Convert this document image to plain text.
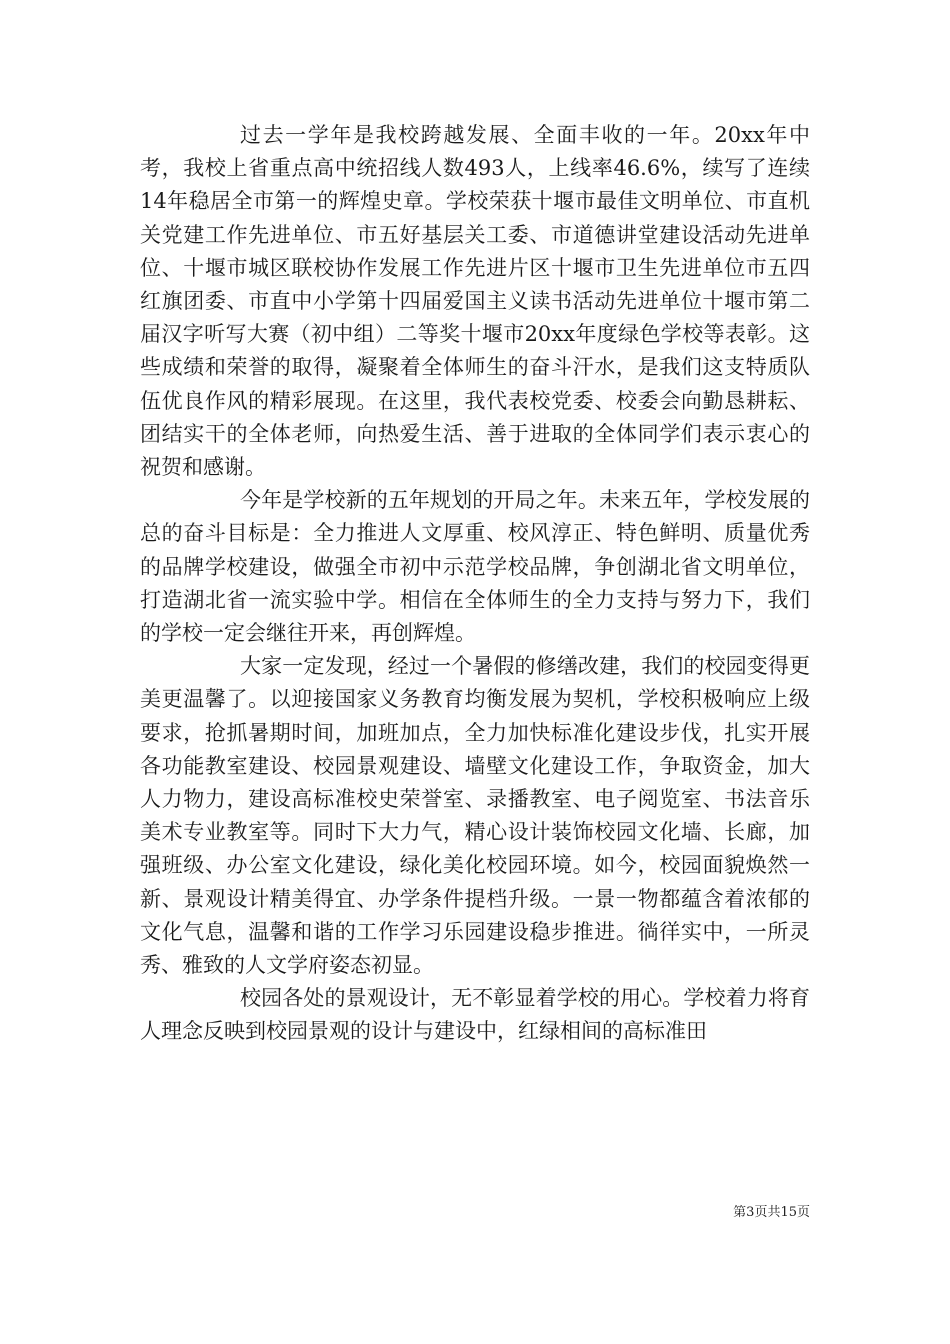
过去一学年是我校跨越发展、全面丰收的一年。20xx年中考，我校上省重点高中统招线人数493人，上线率46.6%，续写了连续14年稳居全市第一的辉煌史章。学校荣获十堰市最佳文明单位、市直机关党建工作先进单位、市五好基层关工委、市道德讲堂建设活动先进单位、十堰市城区联校协作发展工作先进片区十堰市卫生先进单位市五四红旗团委、市直中小学第十四届爱国主义读书活动先进单位十堰市第二届汉字听写大赛（初中组）二等奖十堰市20xx年度绿色学校等表彰。这些成绩和荣誉的取得，凝聚着全体师生的奋斗汗水，是我们这支特质队伍优良作风的精彩展现。在这里，我代表校党委、校委会向勤恳耕耘、团结实干的全体老师，向热爱生活、善于进取的全体同学们表示衷心的祝贺和感谢。

今年是学校新的五年规划的开局之年。未来五年，学校发展的总的奋斗目标是：全力推进人文厚重、校风淳正、特色鲜明、质量优秀的品牌学校建设，做强全市初中示范学校品牌，争创湖北省文明单位，打造湖北省一流实验中学。相信在全体师生的全力支持与努力下，我们的学校一定会继往开来，再创辉煌。

大家一定发现，经过一个暑假的修缮改建，我们的校园变得更美更温馨了。以迎接国家义务教育均衡发展为契机，学校积极响应上级要求，抢抓暑期时间，加班加点，全力加快标准化建设步伐，扎实开展各功能教室建设、校园景观建设、墙壁文化建设工作，争取资金，加大人力物力，建设高标准校史荣誉室、录播教室、电子阅览室、书法音乐美术专业教室等。同时下大力气，精心设计装饰校园文化墙、长廊，加强班级、办公室文化建设，绿化美化校园环境。如今，校园面貌焕然一新、景观设计精美得宜、办学条件提档升级。一景一物都蕴含着浓郁的文化气息，温馨和谐的工作学习乐园建设稳步推进。徜徉实中，一所灵秀、雅致的人文学府姿态初显。

校园各处的景观设计，无不彰显着学校的用心。学校着力将育人理念反映到校园景观的设计与建设中，红绿相间的高标准田

第3页共15页
